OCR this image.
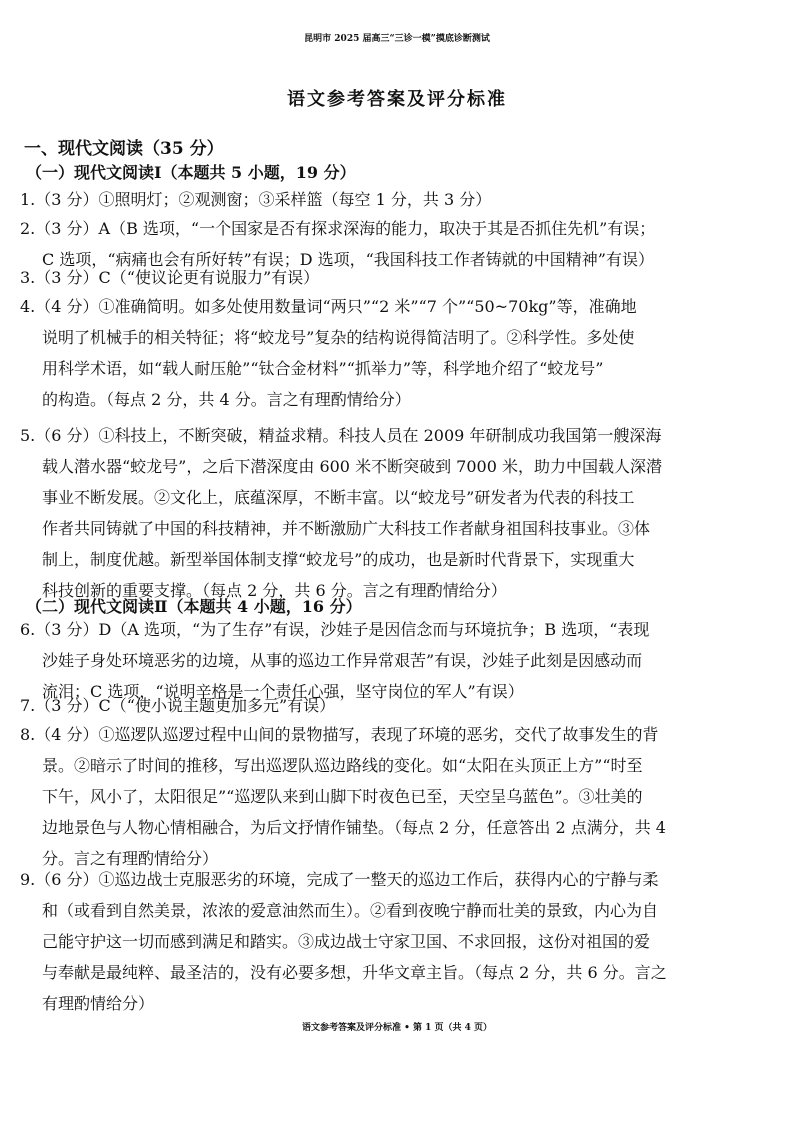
昆明市 2025 届高三“三诊一模”摸底诊断测试
语文参考答案及评分标准
一、现代文阅读（35 分）
（一）现代文阅读Ⅰ（本题共 5 小题，19 分）
1.（3 分）①照明灯；②观测窗；③采样篮（每空 1 分，共 3 分）
2.（3 分）A（B 选项，“一个国家是否有探求深海的能力，取决于其是否抓住先机”有误；
C 选项，“病痛也会有所好转”有误；D 选项，“我国科技工作者铸就的中国精神”有误）
3.（3 分）C（“使议论更有说服力”有误）
4.（4 分）①准确简明。如多处使用数量词“两只”“2 米”“7 个”“50~70kg”等，准确地
说明了机械手的相关特征；将“蛟龙号”复杂的结构说得简洁明了。②科学性。多处使
用科学术语，如“载人耐压舱”“钛合金材料”“抓举力”等，科学地介绍了“蛟龙号”
的构造。（每点 2 分，共 4 分。言之有理酌情给分）
5.（6 分）①科技上，不断突破，精益求精。科技人员在 2009 年研制成功我国第一艘深海
载人潜水器“蛟龙号”，之后下潜深度由 600 米不断突破到 7000 米，助力中国载人深潜
事业不断发展。②文化上，底蕴深厚，不断丰富。以“蛟龙号”研发者为代表的科技工
作者共同铸就了中国的科技精神，并不断激励广大科技工作者献身祖国科技事业。③体
制上，制度优越。新型举国体制支撑“蛟龙号”的成功，也是新时代背景下，实现重大
科技创新的重要支撑。（每点 2 分，共 6 分。言之有理酌情给分）
（二）现代文阅读Ⅱ（本题共 4 小题，16 分）
6.（3 分）D（A 选项，“为了生存”有误，沙娃子是因信念而与环境抗争；B 选项，“表现
沙娃子身处环境恶劣的边境，从事的巡边工作异常艰苦”有误，沙娃子此刻是因感动而
流泪；C 选项，“说明辛格是一个责任心强，坚守岗位的军人”有误）
7.（3 分）C（“使小说主题更加多元”有误）
8.（4 分）①巡逻队巡逻过程中山间的景物描写，表现了环境的恶劣，交代了故事发生的背
景。②暗示了时间的推移，写出巡逻队巡边路线的变化。如“太阳在头顶正上方”“时至
下午，风小了，太阳很足”“巡逻队来到山脚下时夜色已至，天空呈乌蓝色”。③壮美的
边地景色与人物心情相融合，为后文抒情作铺垫。（每点 2 分，任意答出 2 点满分，共 4
分。言之有理酌情给分）
9.（6 分）①巡边战士克服恶劣的环境，完成了一整天的巡边工作后，获得内心的宁静与柔
和（或看到自然美景，浓浓的爱意油然而生）。②看到夜晚宁静而壮美的景致，内心为自
己能守护这一切而感到满足和踏实。③成边战士守家卫国、不求回报，这份对祖国的爱
与奉献是最纯粹、最圣洁的，没有必要多想，升华文章主旨。（每点 2 分，共 6 分。言之
有理酌情给分）
语文参考答案及评分标准 • 第 1 页（共 4 页）
